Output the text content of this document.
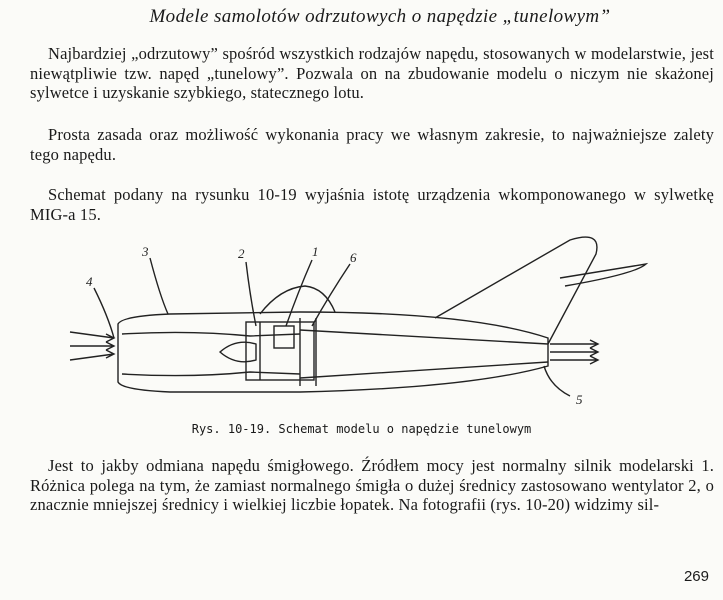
Modele samolotów odrzutowych o napędzie „tunelowym”

Najbardziej „odrzutowy” spośród wszystkich rodzajów napędu, stosowanych w modelarstwie, jest niewątpliwie tzw. napęd „tunelowy”. Pozwala on na zbudowanie modelu o niczym nie skażonej sylwetce i uzyskanie szybkiego, statecznego lotu.

Prosta zasada oraz możliwość wykonania pracy we własnym zakresie, to najważniejsze zalety tego napędu.

Schemat podany na rysunku 10-19 wyjaśnia istotę urządzenia wkomponowanego w sylwetkę MIG-a 15.

1
2
3
4
5
6
Rys. 10-19. Schemat modelu o napędzie tunelowym

Jest to jakby odmiana napędu śmigłowego. Źródłem mocy jest normalny silnik modelarski 1. Różnica polega na tym, że zamiast normalnego śmigła o dużej średnicy zastosowano wentylator 2, o znacznie mniejszej średnicy i wielkiej liczbie łopatek. Na fotografii (rys. 10-20) widzimy sil-

269
